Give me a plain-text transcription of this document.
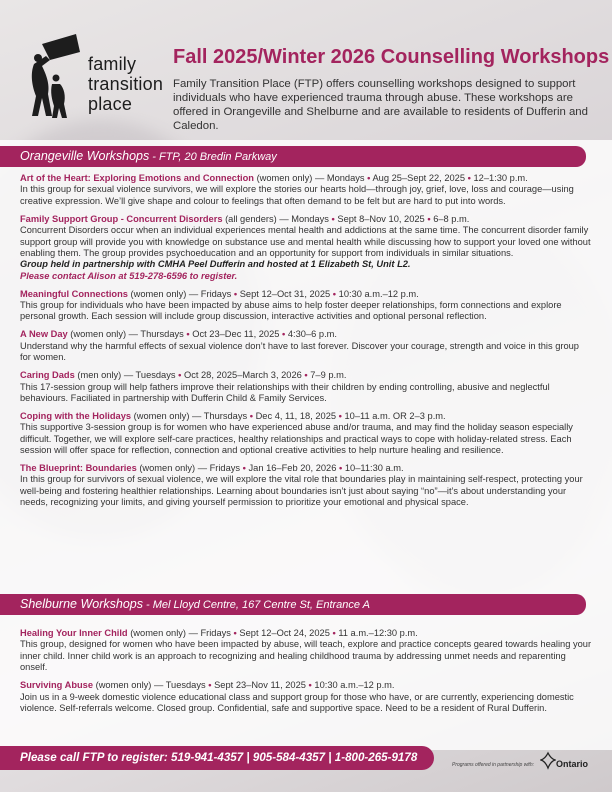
family
transition
place
Fall 2025/Winter 2026 Counselling Workshops

Family Transition Place (FTP) offers counselling workshops designed to support individuals who have experienced trauma through abuse. These workshops are offered in Orangeville and Shelburne and are available to residents of Dufferin and Caledon.

Orangeville Workshops - FTP, 20 Bredin Parkway
Art of the Heart: Exploring Emotions and Connection (women only) — Mondays • Aug 25–Sept 22, 2025 • 12–1:30 p.m.

In this group for sexual violence survivors, we will explore the stories our hearts hold—through joy, grief, love, loss and courage—using creative expression. We’ll give shape and colour to feelings that often demand to be felt but are hard to put into words.

Family Support Group - Concurrent Disorders (all genders) — Mondays • Sept 8–Nov 10, 2025 • 6–8 p.m.

Concurrent Disorders occur when an individual experiences mental health and addictions at the same time. The concurrent disorder family support group will provide you with knowledge on substance use and mental health while discussing how to support your loved one without enabling them. The group provides psychoeducation and an opportunity for support from individuals in similar situations.

Group held in partnership with CMHA Peel Dufferin and hosted at 1 Elizabeth St, Unit L2.

Please contact Alison at 519-278-6596 to register.

Meaningful Connections (women only) — Fridays • Sept 12–Oct 31, 2025 • 10:30 a.m.–12 p.m.

This group for individuals who have been impacted by abuse aims to help foster deeper relationships, form connections and explore personal growth. Each session will include group discussion, interactive activities and optional personal reflection.

A New Day (women only) — Thursdays • Oct 23–Dec 11, 2025 • 4:30–6 p.m.

Understand why the harmful effects of sexual violence don’t have to last forever. Discover your courage, strength and voice in this group for women.

Caring Dads (men only) — Tuesdays • Oct 28, 2025–March 3, 2026 • 7–9 p.m.

This 17-session group will help fathers improve their relationships with their children by ending controlling, abusive and neglectful behaviours. Faciliated in partnership with Dufferin Child & Family Services.

Coping with the Holidays (women only) — Thursdays • Dec 4, 11, 18, 2025 • 10–11 a.m. OR 2–3 p.m.

This supportive 3-session group is for women who have experienced abuse and/or trauma, and may find the holiday season especially difficult. Together, we will explore self-care practices, healthy relationships and practical ways to cope with holiday-related stress. Each session will offer space for reflection, connection and optional creative activities to help nurture healing and resilience.

The Blueprint: Boundaries (women only) — Fridays • Jan 16–Feb 20, 2026 • 10–11:30 a.m.

In this group for survivors of sexual violence, we will explore the vital role that boundaries play in maintaining self-respect, protecting your well-being and fostering healthier relationships. Learning about boundaries isn’t just about saying “no”—it’s about understanding your needs, recognizing your limits, and giving yourself permission to prioritize your emotional and physical space.

Shelburne Workshops - Mel Lloyd Centre, 167 Centre St, Entrance A
Healing Your Inner Child (women only) — Fridays • Sept 12–Oct 24, 2025 • 11 a.m.–12:30 p.m.

This group, designed for women who have been impacted by abuse, will teach, explore and practice concepts geared towards healing your inner child. Inner child work is an approach to recognizing and healing childhood trauma by addressing unmet needs and reparenting onself.

Surviving Abuse (women only) — Tuesdays • Sept 23–Nov 11, 2025 • 10:30 a.m.–12 p.m.

Join us in a 9-week domestic violence educational class and support group for those who have, or are currently, experiencing domestic violence. Self-referrals welcome. Closed group. Confidential, safe and supportive space. Need to be a resident of Rural Dufferin.

Please call FTP to register: 519-941-4357 | 905-584-4357 | 1-800-265-9178
Programs offered in partnership with: Ontario
